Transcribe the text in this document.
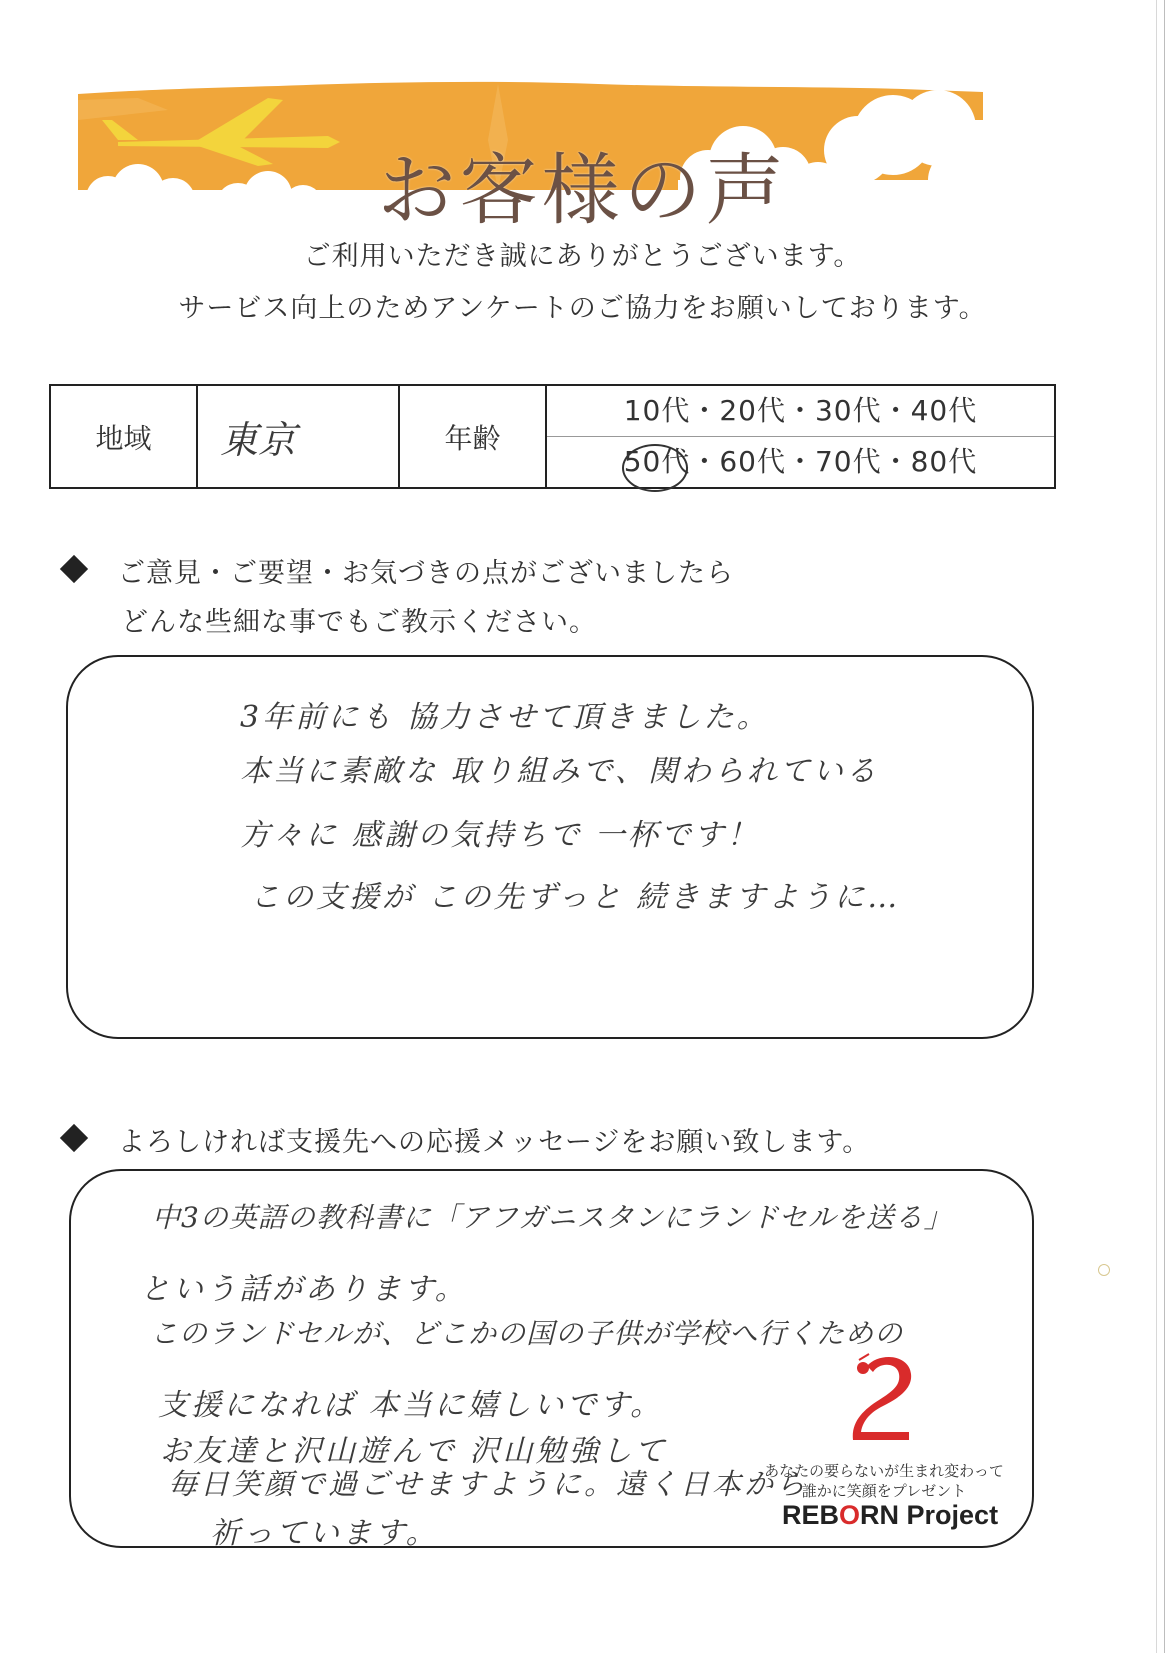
お客様の声
ご利用いただき誠にありがとうございます。
サービス向上のためアンケートのご協力をお願いしております。
地域	東京	年齢	
10代・20代・30代・40代
50代・60代・70代・80代
ご意見・ご要望・お気づきの点がございましたら
どんな些細な事でもご教示ください。
3年前にも 協力させて頂きました。
本当に素敵な 取り組みで、関わられている
方々に 感謝の気持ちで 一杯です！
この支援が この先ずっと 続きますように…
よろしければ支援先への応援メッセージをお願い致します。
中3の英語の教科書に「アフガニスタンにランドセルを送る」
という話があります。
このランドセルが、どこかの国の子供が学校へ行くための
支援になれば 本当に嬉しいです。
お友達と沢山遊んで 沢山勉強して
毎日笑顔で過ごせますように。遠く日本から
祈っています。
あなたの要らないが生まれ変わって
誰かに笑顔をプレゼント
REBORN Project
